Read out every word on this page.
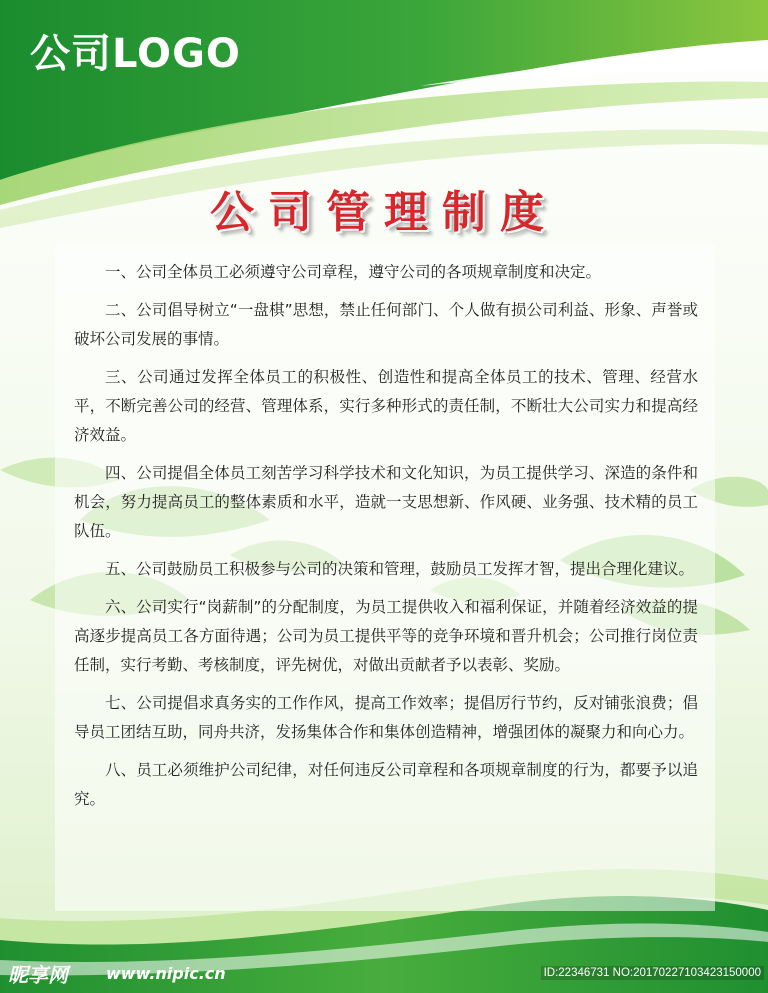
公司LOGO
公司管理制度

一、公司全体员工必须遵守公司章程，遵守公司的各项规章制度和决定。

二、公司倡导树立“一盘棋”思想，禁止任何部门、个人做有损公司利益、形象、声誉或破坏公司发展的事情。

三、公司通过发挥全体员工的积极性、创造性和提高全体员工的技术、管理、经营水平，不断完善公司的经营、管理体系，实行多种形式的责任制，不断壮大公司实力和提高经济效益。

四、公司提倡全体员工刻苦学习科学技术和文化知识，为员工提供学习、深造的条件和机会，努力提高员工的整体素质和水平，造就一支思想新、作风硬、业务强、技术精的员工队伍。

五、公司鼓励员工积极参与公司的决策和管理，鼓励员工发挥才智，提出合理化建议。

六、公司实行“岗薪制”的分配制度，为员工提供收入和福利保证，并随着经济效益的提高逐步提高员工各方面待遇；公司为员工提供平等的竞争环境和晋升机会；公司推行岗位责任制，实行考勤、考核制度，评先树优，对做出贡献者予以表彰、奖励。

七、公司提倡求真务实的工作作风，提高工作效率；提倡厉行节约，反对铺张浪费；倡导员工团结互助，同舟共济，发扬集体合作和集体创造精神，增强团体的凝聚力和向心力。

八、员工必须维护公司纪律，对任何违反公司章程和各项规章制度的行为，都要予以追究。

昵享网 www.nipic.cn	ID:22346731 NO:20170227103423150000
